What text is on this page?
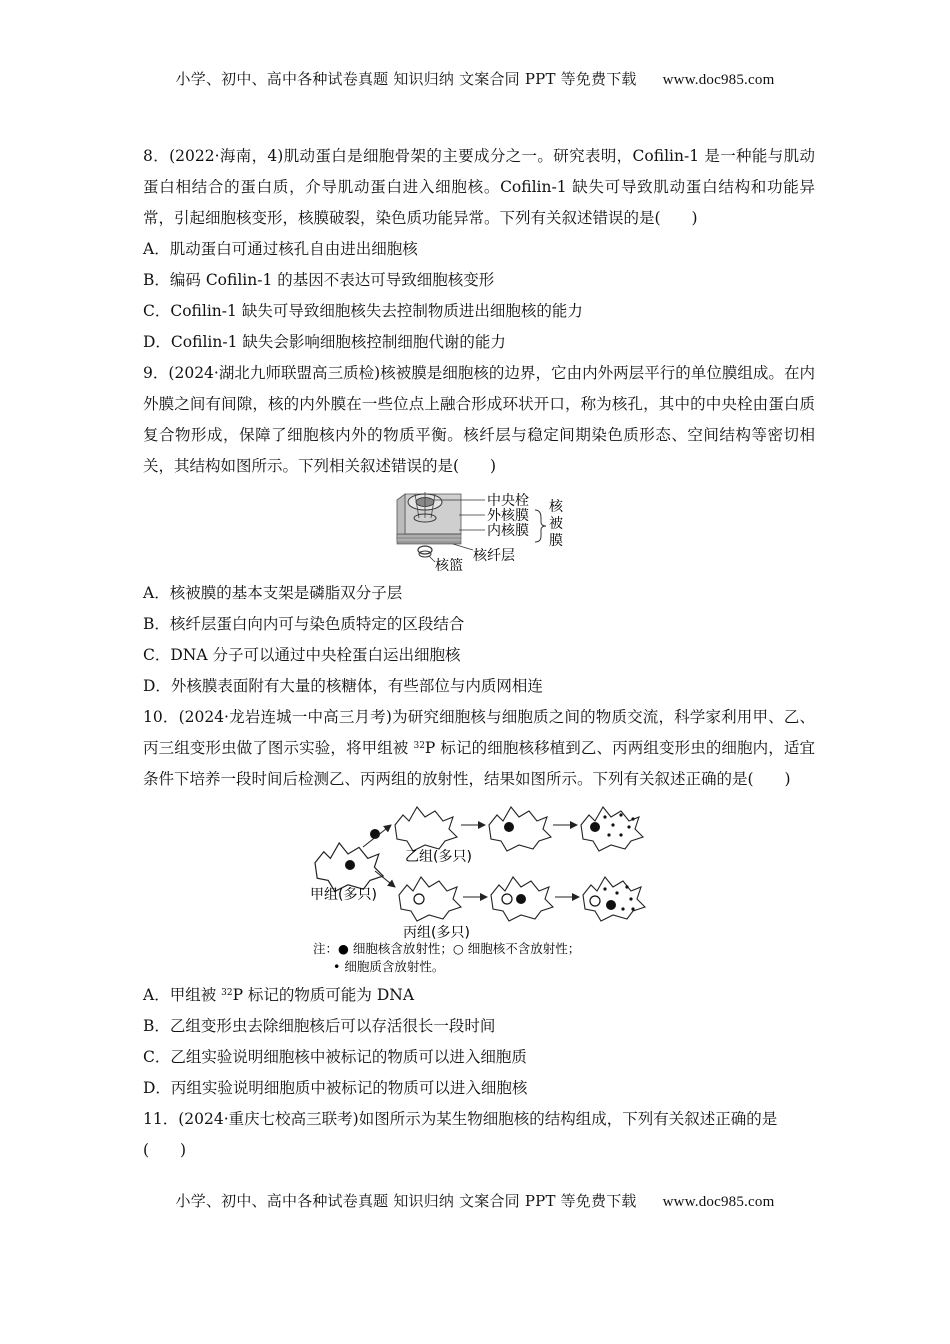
小学、初中、高中各种试卷真题 知识归纳 文案合同 PPT 等免费下载 www.doc985.com

8．(2022·海南，4)肌动蛋白是细胞骨架的主要成分之一。研究表明，Cofilin-1 是一种能与肌动蛋白相结合的蛋白质，介导肌动蛋白进入细胞核。Cofilin-1 缺失可导致肌动蛋白结构和功能异常，引起细胞核变形，核膜破裂，染色质功能异常。下列有关叙述错误的是(　　)

A．肌动蛋白可通过核孔自由进出细胞核

B．编码 Cofilin-1 的基因不表达可导致细胞核变形

C．Cofilin-1 缺失可导致细胞核失去控制物质进出细胞核的能力

D．Cofilin-1 缺失会影响细胞核控制细胞代谢的能力

9．(2024·湖北九师联盟高三质检)核被膜是细胞核的边界，它由内外两层平行的单位膜组成。在内外膜之间有间隙，核的内外膜在一些位点上融合形成环状开口，称为核孔，其中的中央栓由蛋白质复合物形成，保障了细胞核内外的物质平衡。核纤层与稳定间期染色质形态、空间结构等密切相关，其结构如图所示。下列相关叙述错误的是(　　)

中央栓
外核膜
内核膜
核篮
核纤层
核
被
膜

A．核被膜的基本支架是磷脂双分子层

B．核纤层蛋白向内可与染色质特定的区段结合

C．DNA 分子可以通过中央栓蛋白运出细胞核

D．外核膜表面附有大量的核糖体，有些部位与内质网相连

10．(2024·龙岩连城一中高三月考)为研究细胞核与细胞质之间的物质交流，科学家利用甲、乙、丙三组变形虫做了图示实验，将甲组被 $^{32}$P 标记的细胞核移植到乙、丙两组变形虫的细胞内，适宜条件下培养一段时间后检测乙、丙两组的放射性，结果如图所示。下列有关叙述正确的是(　　)

甲组(多只)
乙组(多只)
丙组(多只)
注：● 细胞核含放射性；○ 细胞核不含放射性；
• 细胞质含放射性。

A．甲组被 $^{32}$P 标记的物质可能为 DNA

B．乙组变形虫去除细胞核后可以存活很长一段时间

C．乙组实验说明细胞核中被标记的物质可以进入细胞质

D．丙组实验说明细胞质中被标记的物质可以进入细胞核

11．(2024·重庆七校高三联考)如图所示为某生物细胞核的结构组成，下列有关叙述正确的是

(　　)

小学、初中、高中各种试卷真题 知识归纳 文案合同 PPT 等免费下载 www.doc985.com
